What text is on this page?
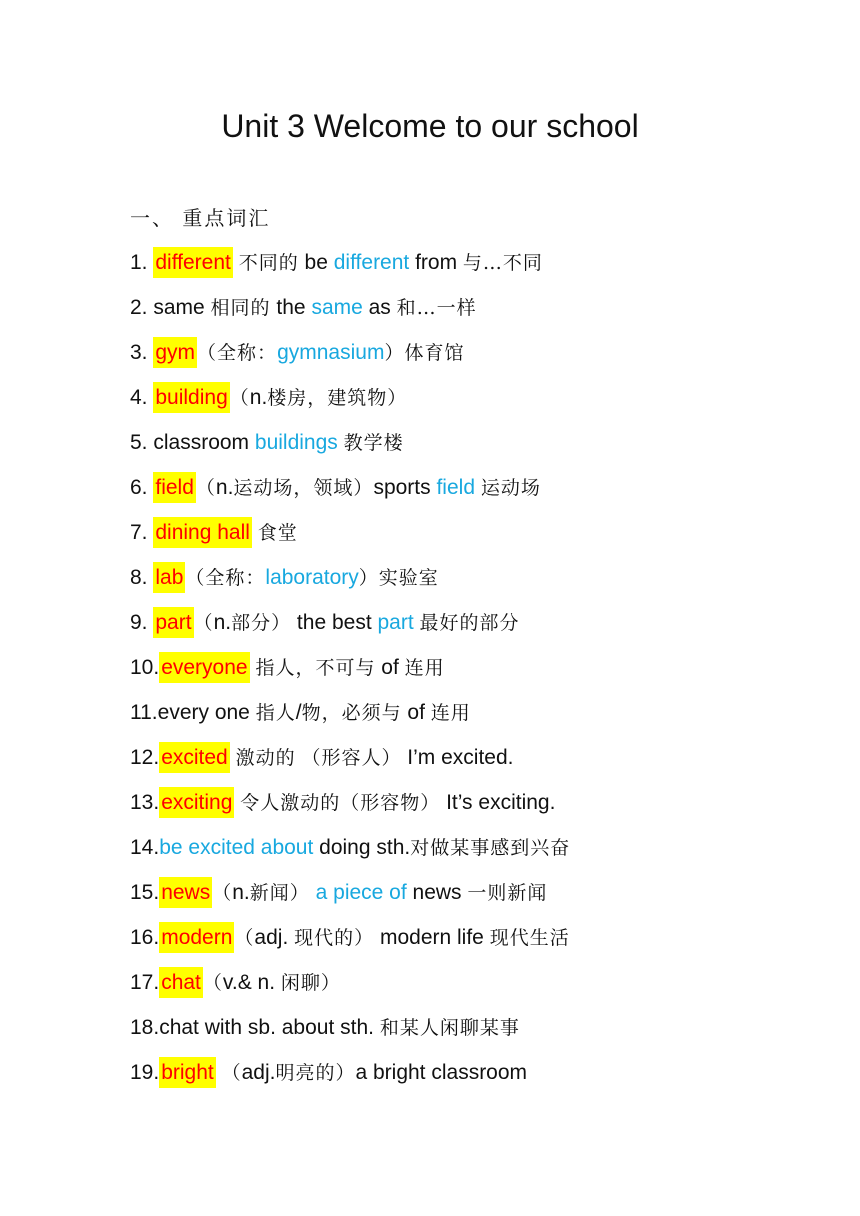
Unit 3 Welcome to our school
一、 重点词汇
1. different 不同的 be different from 与…不同
2. same 相同的 the same as 和…一样
3. gym （全称：gymnasium）体育馆
4. building （n.楼房，建筑物）
5. classroom buildings 教学楼
6. field （n.运动场，领域）sports field 运动场
7. dining hall 食堂
8. lab （全称：laboratory）实验室
9. part （n.部分） the best part 最好的部分
10.everyone 指人，不可与 of 连用
11.every one 指人/物，必须与 of 连用
12.excited 激动的 （形容人） I’m excited.
13.exciting 令人激动的（形容物） It’s exciting.
14.be excited about doing sth.对做某事感到兴奋
15.news （n.新闻） a piece of news 一则新闻
16.modern （adj. 现代的） modern life 现代生活
17.chat （v.& n. 闲聊）
18.chat with sb. about sth. 和某人闲聊某事
19.bright （adj.明亮的）a bright classroom
